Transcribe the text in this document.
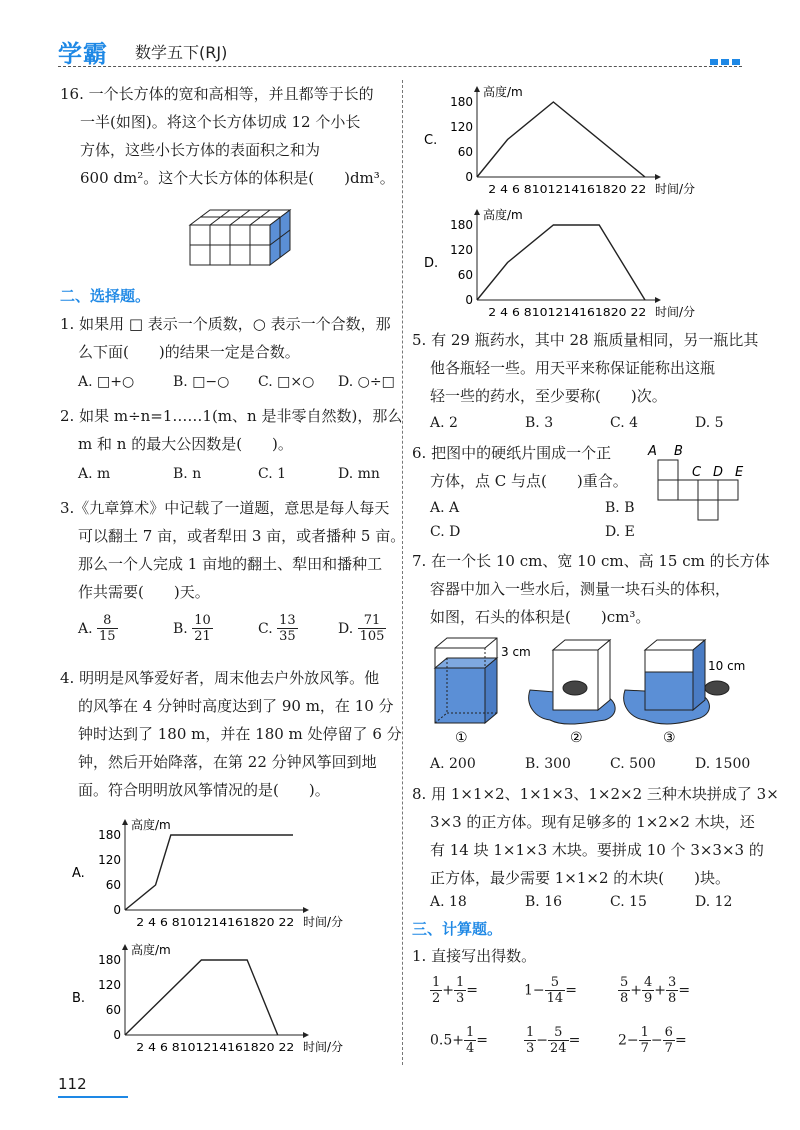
学霸 数学五下(RJ)
16. 一个长方体的宽和高相等，并且都等于长的
一半(如图)。将这个长方体切成 12 个小长
方体，这些小长方体的表面积之和为
600 dm²。这个大长方体的体积是(　　)dm³。
二、选择题。
1. 如果用 □ 表示一个质数，○ 表示一个合数，那
么下面(　　)的结果一定是合数。
A. □+○	B. □−○ C. □×○ D. ○÷□
2. 如果 m÷n=1……1(m、n 是非零自然数)，那么
m 和 n 的最大公因数是(　　)。
A. m	B. n	C. 1	D. mn
3.《九章算术》中记载了一道题，意思是每人每天
可以翻土 7 亩，或者犁田 3 亩，或者播种 5 亩。
那么一个人完成 1 亩地的翻土、犁田和播种工
作共需要(　　)天。
A. $\frac{8}{15}$	B. $\frac{10}{21}$	C. $\frac{13}{35}$	D. $\frac{71}{105}$
4. 明明是风筝爱好者，周末他去户外放风筝。他
的风筝在 4 分钟时高度达到了 90 m，在 10 分
钟时达到了 180 m，并在 180 m 处停留了 6 分
钟，然后开始降落，在第 22 分钟风筝回到地
面。符合明明放风筝情况的是(　　)。
A.
高度/m
180
120
60
0
2 4 6 8101214161820 22 时间/分
B.
高度/m
180
120
60
0
2 4 6 8101214161820 22 时间/分
C.
高度/m
180
120
60
0
2 4 6 8101214161820 22 时间/分
D.
高度/m
180
120
60
0
2 4 6 8101214161820 22 时间/分
5. 有 29 瓶药水，其中 28 瓶质量相同，另一瓶比其
他各瓶轻一些。用天平来称保证能称出这瓶
轻一些的药水，至少要称(　　)次。
A. 2	B. 3	C. 4	D. 5
6. 把图中的硬纸片围成一个正
方体，点 C 与点(　　)重合。
A. A	B. B
C. D	D. E
A B
C D E
7. 在一个长 10 cm、宽 10 cm、高 15 cm 的长方体
容器中加入一些水后，测量一块石头的体积，
如图，石头的体积是(　　)cm³。
3 cm
10 cm
①	②	③
A. 200	B. 300	C. 500	D. 1500
8. 用 1×1×2、1×1×3、1×2×2 三种木块拼成了 3×
3×3 的正方体。现有足够多的 1×2×2 木块，还
有 14 块 1×1×3 木块。要拼成 10 个 3×3×3 的
正方体，最少需要 1×1×2 的木块(　　)块。
A. 18	B. 16	C. 15	D. 12
三、计算题。
1. 直接写出得数。
$\frac{1}{2} + \frac{1}{3}$ =	$1- \frac{5}{14}$ =	$\frac{5}{8} + \frac{4}{9} + \frac{3}{8}$ =
$0.5+ \frac{1}{4}$ =	$\frac{1}{3} - \frac{5}{24}$ =	$2- \frac{1}{7} - \frac{6}{7}$ =
112
